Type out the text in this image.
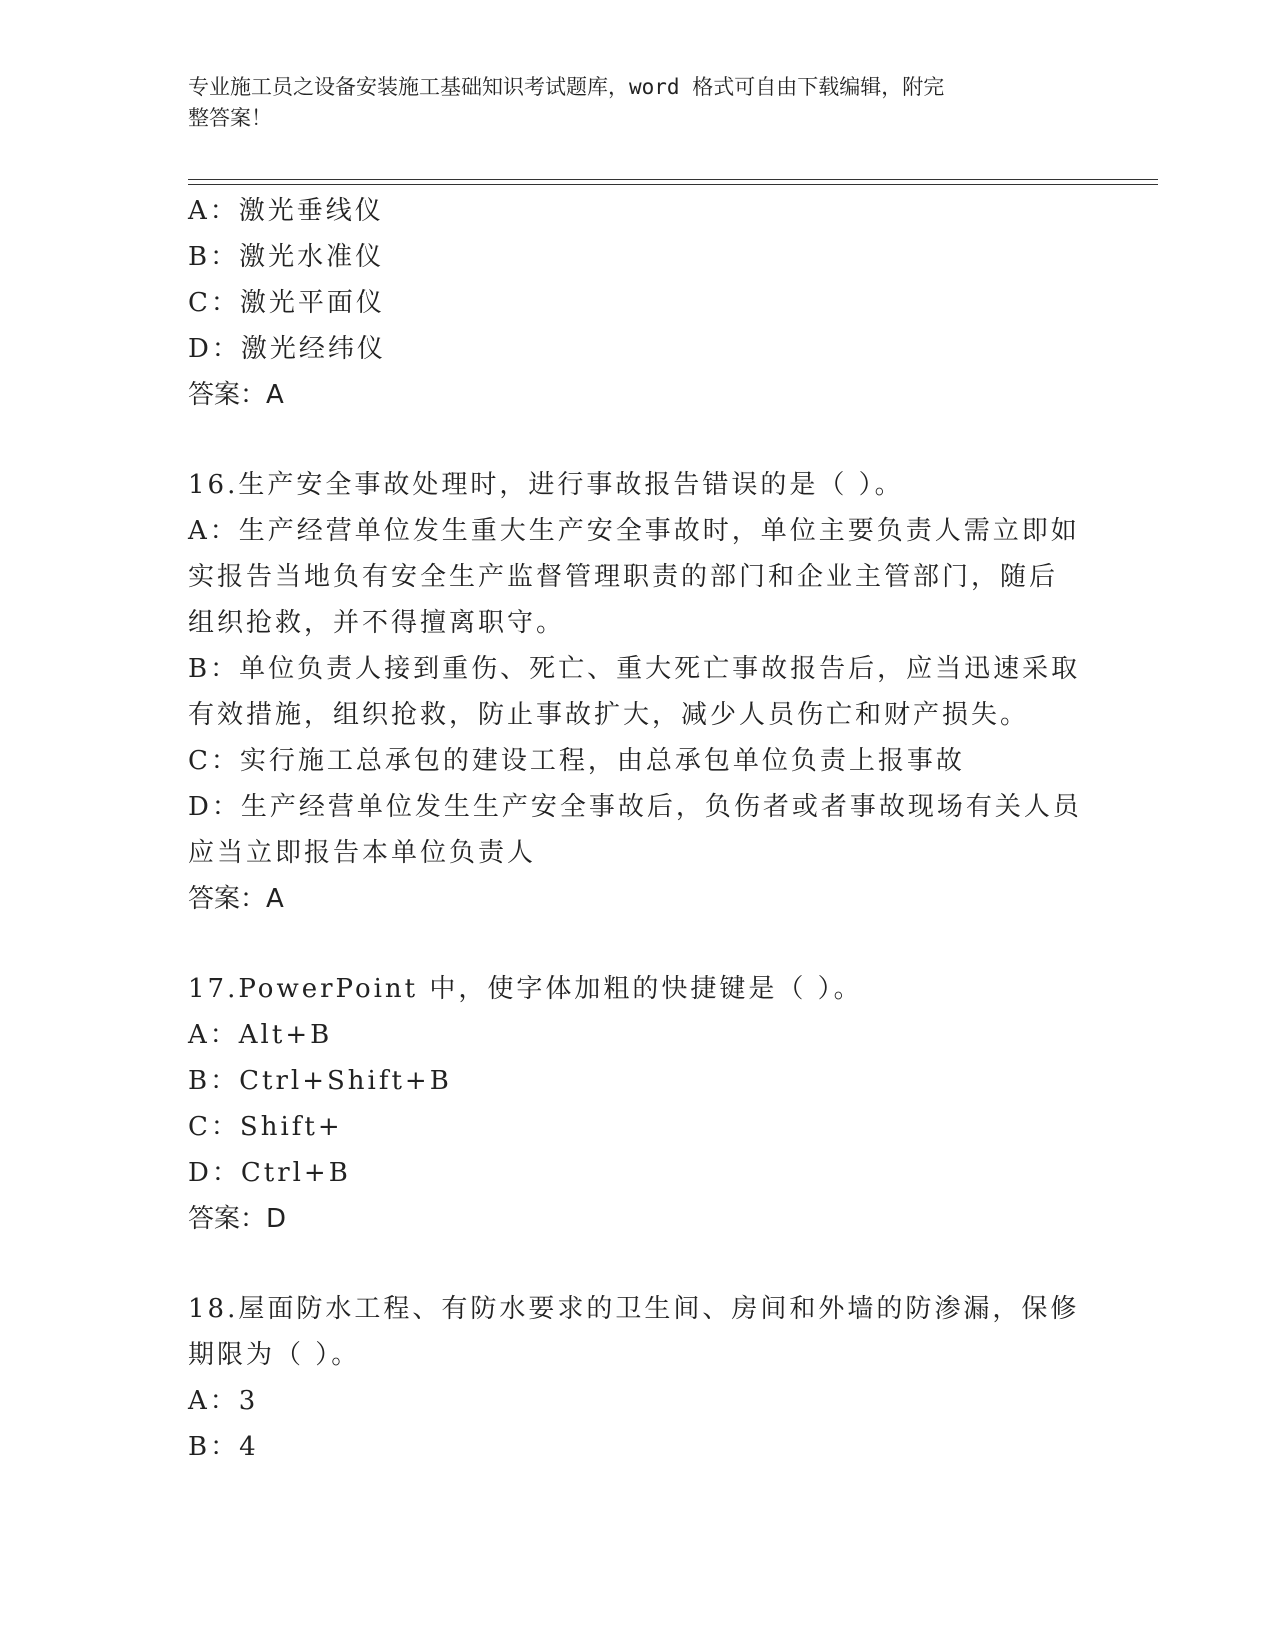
专业施工员之设备安装施工基础知识考试题库，word 格式可自由下载编辑，附完
整答案！
A：激光垂线仪
B：激光水准仪
C：激光平面仪
D：激光经纬仪
答案：A
16.生产安全事故处理时，进行事故报告错误的是（ ）。
A：生产经营单位发生重大生产安全事故时，单位主要负责人需立即如
实报告当地负有安全生产监督管理职责的部门和企业主管部门，随后
组织抢救，并不得擅离职守。
B：单位负责人接到重伤、死亡、重大死亡事故报告后，应当迅速采取
有效措施，组织抢救，防止事故扩大，减少人员伤亡和财产损失。
C：实行施工总承包的建设工程，由总承包单位负责上报事故
D：生产经营单位发生生产安全事故后，负伤者或者事故现场有关人员
应当立即报告本单位负责人
答案：A
17.PowerPoint 中，使字体加粗的快捷键是（ ）。
A：Alt+B
B：Ctrl+Shift+B
C：Shift+
D：Ctrl+B
答案：D
18.屋面防水工程、有防水要求的卫生间、房间和外墙的防渗漏，保修
期限为（ ）。
A：3
B：4
